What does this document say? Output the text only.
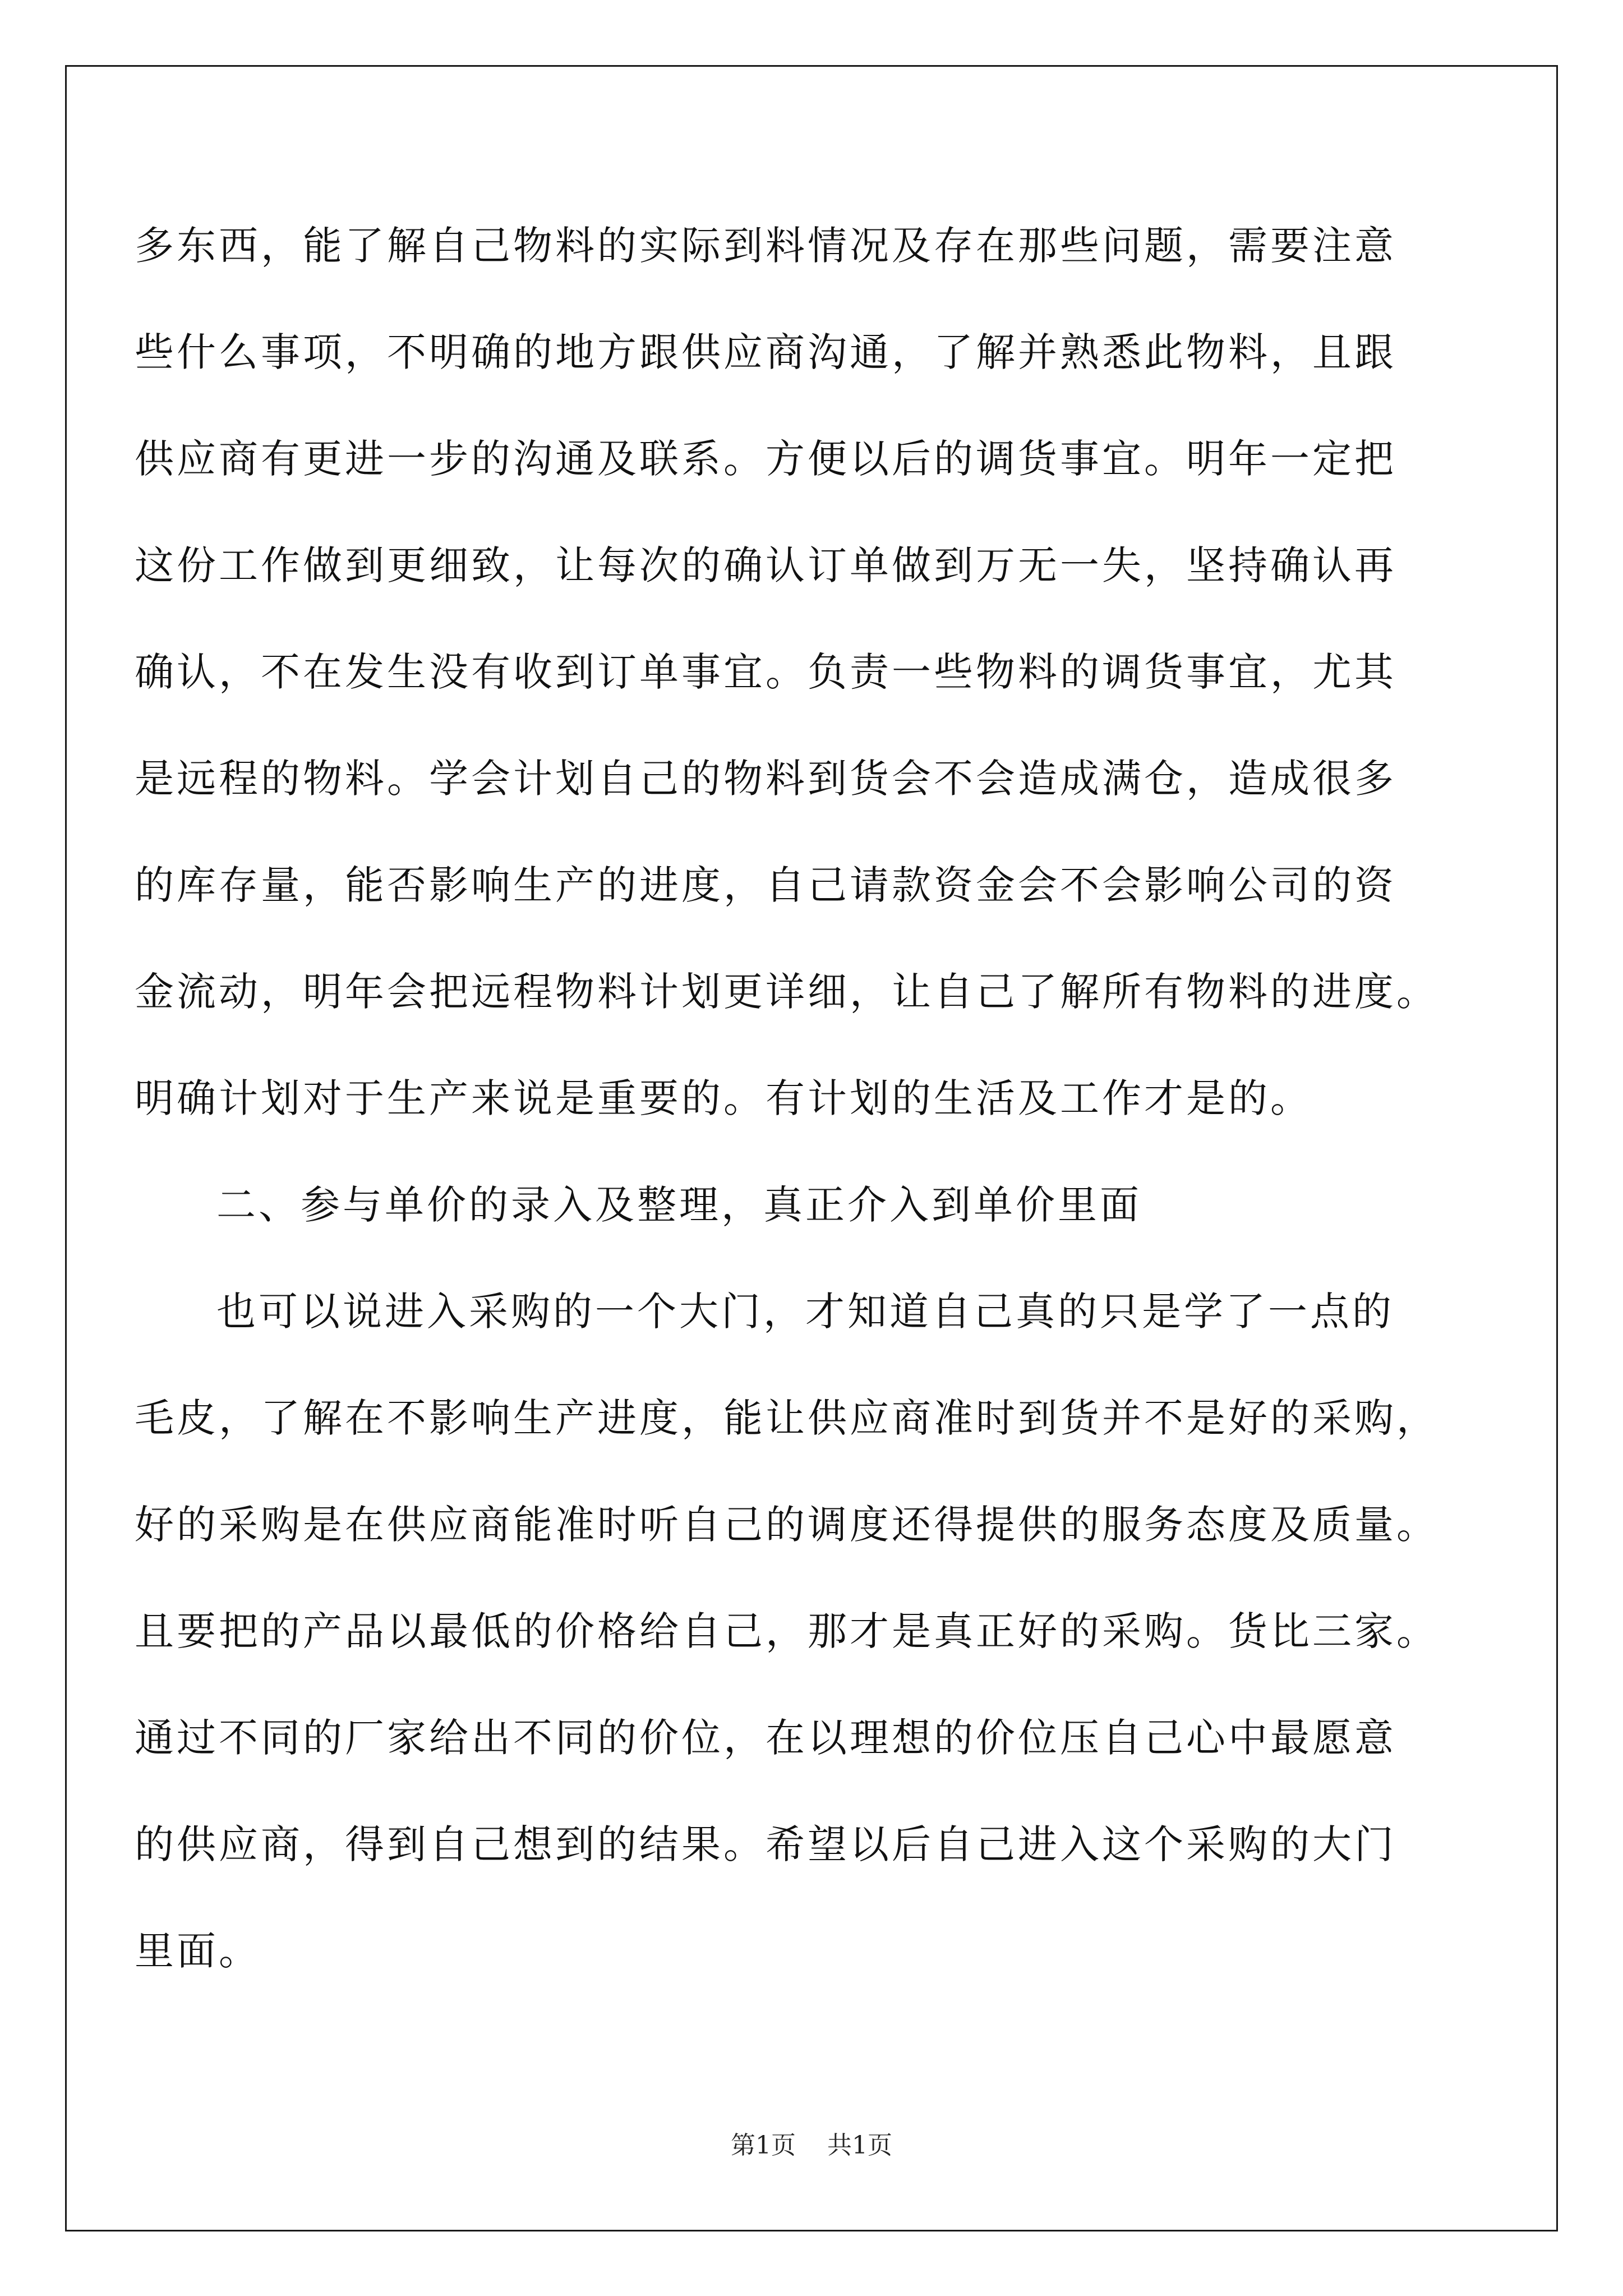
多东西，能了解自己物料的实际到料情况及存在那些问题，需要注意
些什么事项，不明确的地方跟供应商沟通，了解并熟悉此物料，且跟
供应商有更进一步的沟通及联系。方便以后的调货事宜。明年一定把
这份工作做到更细致，让每次的确认订单做到万无一失，坚持确认再
确认，不在发生没有收到订单事宜。负责一些物料的调货事宜，尤其
是远程的物料。学会计划自己的物料到货会不会造成满仓，造成很多
的库存量，能否影响生产的进度，自己请款资金会不会影响公司的资
金流动，明年会把远程物料计划更详细，让自己了解所有物料的进度。
明确计划对于生产来说是重要的。有计划的生活及工作才是的。
二、参与单价的录入及整理，真正介入到单价里面
也可以说进入采购的一个大门，才知道自己真的只是学了一点的
毛皮，了解在不影响生产进度，能让供应商准时到货并不是好的采购，
好的采购是在供应商能准时听自己的调度还得提供的服务态度及质量。
且要把的产品以最低的价格给自己，那才是真正好的采购。货比三家。
通过不同的厂家给出不同的价位，在以理想的价位压自己心中最愿意
的供应商，得到自己想到的结果。希望以后自己进入这个采购的大门
里面。
第1页 共1页
